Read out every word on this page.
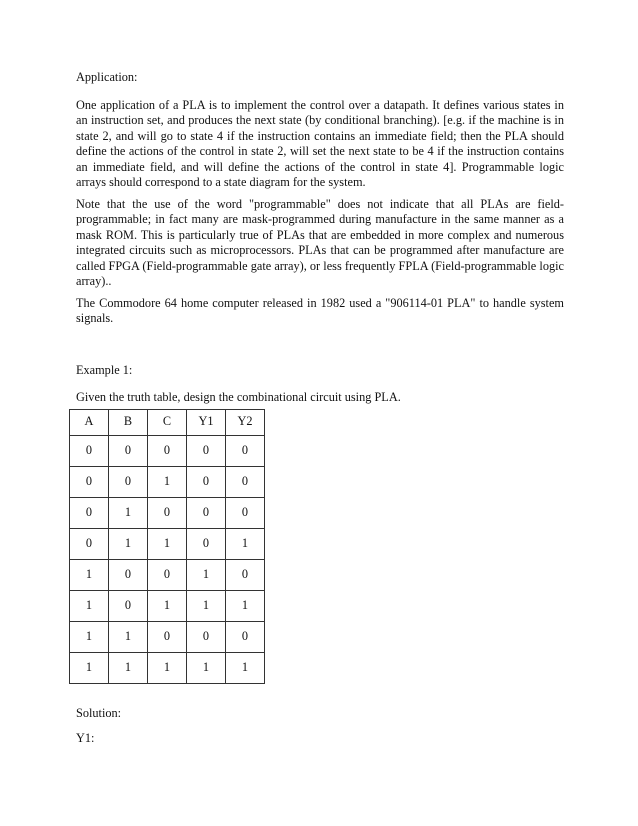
Application:

One application of a PLA is to implement the control over a datapath. It defines various states in an instruction set, and produces the next state (by conditional branching). [e.g. if the machine is in state 2, and will go to state 4 if the instruction contains an immediate field; then the PLA should define the actions of the control in state 2, will set the next state to be 4 if the instruction contains an immediate field, and will define the actions of the control in state 4]. Programmable logic arrays should correspond to a state diagram for the system.

Note that the use of the word "programmable" does not indicate that all PLAs are field-programmable; in fact many are mask-programmed during manufacture in the same manner as a mask ROM. This is particularly true of PLAs that are embedded in more complex and numerous integrated circuits such as microprocessors. PLAs that can be programmed after manufacture are called FPGA (Field-programmable gate array), or less frequently FPLA (Field-programmable logic array)..

The Commodore 64 home computer released in 1982 used a "906114-01 PLA" to handle system signals.

Example 1:
Given the truth table, design the combinational circuit using PLA.
A	B	C	Y1	Y2
0	0	0	0	0
0	0	1	0	0
0	1	0	0	0
0	1	1	0	1
1	0	0	1	0
1	0	1	1	1
1	1	0	0	0
1	1	1	1	1
Solution:
Y1:
